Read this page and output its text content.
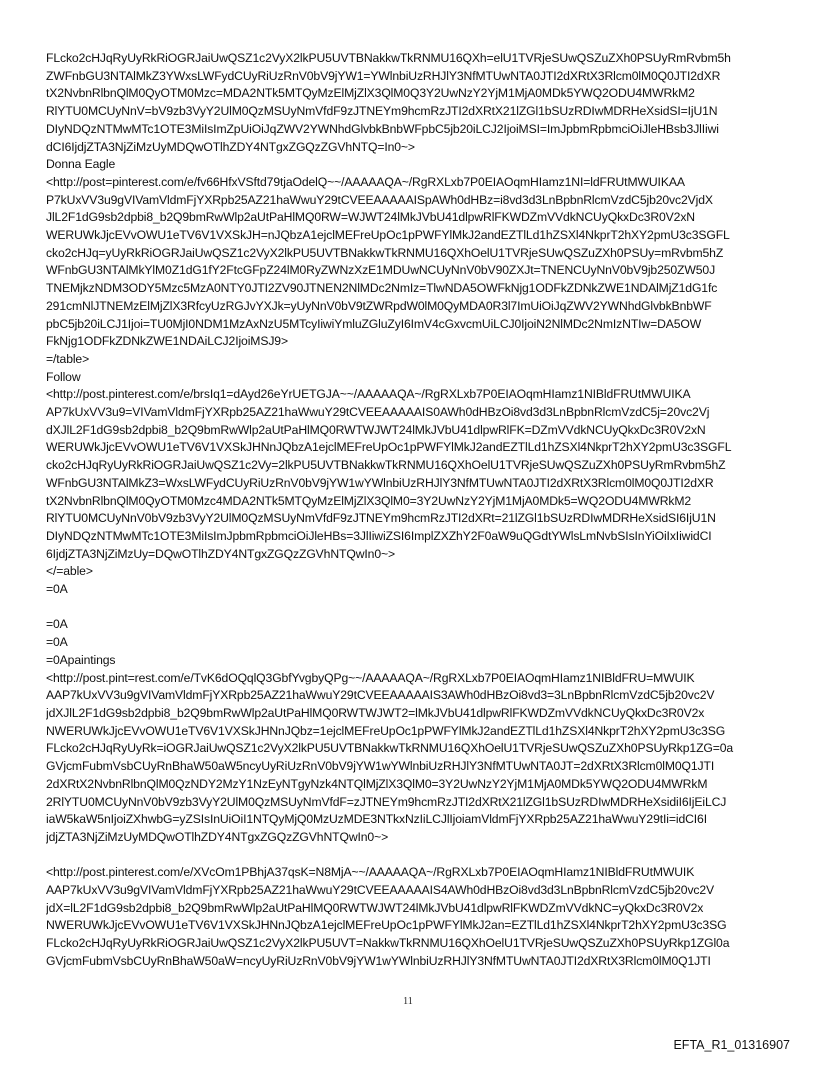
FLcko2cHJqRyUyRkRiOGRJaiUwQSZ1c2VyX2lkPU5UVTBNakkwTkRNMU16QXh=elU1TVRjeSUwQSZuZXh0PSUyRmRvbm5h
ZWFnbGU3NTAlMkZ3YWxsLWFydCUyRiUzRnV0bV9jYW1=YWlnbiUzRHJlY3NfMTUwNTA0JTI2dXRtX3Rlcm0lM0Q0JTI2dXR
tX2NvbnRlbnQlM0QyOTM0Mzc=MDA2NTk5MTQyMzElMjZlX3QlM0Q3Y2UwNzY2YjM1MjA0MDk5YWQ2ODU4MWRkM2
RlYTU0MCUyNnV=bV9zb3VyY2UlM0QzMSUyNmVfdF9zJTNEYm9hcmRzJTI2dXRtX21lZGl1bSUzRDIwMDRHeXsidSI=IjU1N
DIyNDQzNTMwMTc1OTE3MiIsImZpUiOiJqZWV2YWNhdGlvbkBnbWFpbC5jb20iLCJ2IjoiMSI=ImJpbmRpbmciOiJleHBsb3JlIiwi
dCI6IjdjZTA3NjZiMzUyMDQwOTlhZDY4NTgxZGQzZGVhNTQ=In0~>
Donna Eagle
<http://post=pinterest.com/e/fv66HfxVSftd79tjaOdelQ~~/AAAAAQA~/RgRXLxb7P0EIAOqmHIamz1NI=ldFRUtMWUIKAA
P7kUxVV3u9gVIVamVldmFjYXRpb25AZ21haWwuY29tCVEEAAAAAISpAWh0dHBz=i8vd3d3LnBpbnRlcmVzdC5jb20vc2VjdX
JlL2F1dG9sb2dpbi8_b2Q9bmRwWlp2aUtPaHlMQ0RW=WJWT24lMkJVbU41dlpwRlFKWDZmVVdkNCUyQkxDc3R0V2xN
WERUWkJjcEVvOWU1eTV6V1VXSkJH=nJQbzA1ejclMEFreUpOc1pPWFYlMkJ2andEZTlLd1hZSXl4NkprT2hXY2pmU3c3SGFL
cko2cHJq=yUyRkRiOGRJaiUwQSZ1c2VyX2lkPU5UVTBNakkwTkRNMU16QXhOelU1TVRjeSUwQSZuZXh0PSUy=mRvbm5hZ
WFnbGU3NTAlMkYlM0Z1dG1fY2FtcGFpZ24lM0RyZWNzXzE1MDUwNCUyNnV0bV90ZXJt=TNENCUyNnV0bV9jb250ZW50J
TNEMjkzNDM3ODY5Mzc5MzA0NTY0JTI2ZV90JTNEN2NlMDc2NmIz=TlwNDA5OWFkNjg1ODFkZDNkZWE1NDAlMjZ1dG1fc
291cmNlJTNEMzElMjZlX3RfcyUzRGJvYXJk=yUyNnV0bV9tZWRpdW0lM0QyMDA0R3l7ImUiOiJqZWV2YWNhdGlvbkBnbWF
pbC5jb20iLCJ1Ijoi=TU0MjI0NDM1MzAxNzU5MTcyIiwiYmluZGluZyI6ImV4cGxvcmUiLCJ0IjoiN2NlMDc2NmIzNTIw=DA5OW
FkNjg1ODFkZDNkZWE1NDAiLCJ2IjoiMSJ9>
=/table>
Follow
<http://post.pinterest.com/e/brsIq1=dAyd26eYrUETGJA~~/AAAAAQA~/RgRXLxb7P0EIAOqmHIamz1NIBldFRUtMWUIKA
AP7kUxVV3u9=VIVamVldmFjYXRpb25AZ21haWwuY29tCVEEAAAAAIS0AWh0dHBzOi8vd3d3LnBpbnRlcmVzdC5j=20vc2Vj
dXJlL2F1dG9sb2dpbi8_b2Q9bmRwWlp2aUtPaHlMQ0RWTWJWT24lMkJVbU41dlpwRlFK=DZmVVdkNCUyQkxDc3R0V2xN
WERUWkJjcEVvOWU1eTV6V1VXSkJHNnJQbzA1ejclMEFreUpOc1pPWFYlMkJ2andEZTlLd1hZSXl4NkprT2hXY2pmU3c3SGFL
cko2cHJqRyUyRkRiOGRJaiUwQSZ1c2Vy=2lkPU5UVTBNakkwTkRNMU16QXhOelU1TVRjeSUwQSZuZXh0PSUyRmRvbm5hZ
WFnbGU3NTAlMkZ3=WxsLWFydCUyRiUzRnV0bV9jYW1wYWlnbiUzRHJlY3NfMTUwNTA0JTI2dXRtX3Rlcm0lM0Q0JTI2dXR
tX2NvbnRlbnQlM0QyOTM0Mzc4MDA2NTk5MTQyMzElMjZlX3QlM0=3Y2UwNzY2YjM1MjA0MDk5=WQ2ODU4MWRkM2
RlYTU0MCUyNnV0bV9zb3VyY2UlM0QzMSUyNmVfdF9zJTNEYm9hcmRzJTI2dXRt=21lZGl1bSUzRDIwMDRHeXsidSI6IjU1N
DIyNDQzNTMwMTc1OTE3MiIsImJpbmRpbmciOiJleHBs=3JlIiwiZSI6ImplZXZhY2F0aW9uQGdtYWlsLmNvbSIsInYiOiIxIiwidCI
6IjdjZTA3NjZiMzUy=DQwOTlhZDY4NTgxZGQzZGVhNTQwIn0~>
</=able>
=0A
=0A
=0A
=0Apaintings
<http://post.pint=rest.com/e/TvK6dOQqlQ3GbfYvgbyQPg~~/AAAAAQA~/RgRXLxb7P0EIAOqmHIamz1NIBldFRU=MWUIK
AAP7kUxVV3u9gVIVamVldmFjYXRpb25AZ21haWwuY29tCVEEAAAAAIS3AWh0dHBzOi8vd3=3LnBpbnRlcmVzdC5jb20vc2V
jdXJlL2F1dG9sb2dpbi8_b2Q9bmRwWlp2aUtPaHlMQ0RWTWJWT2=lMkJVbU41dlpwRlFKWDZmVVdkNCUyQkxDc3R0V2x
NWERUWkJjcEVvOWU1eTV6V1VXSkJHNnJQbz=1ejclMEFreUpOc1pPWFYlMkJ2andEZTlLd1hZSXl4NkprT2hXY2pmU3c3SG
FLcko2cHJqRyUyRk=iOGRJaiUwQSZ1c2VyX2lkPU5UVTBNakkwTkRNMU16QXhOelU1TVRjeSUwQSZuZXh0PSUyRkp1ZG=0a
GVjcmFubmVsbCUyRnBhaW50aW5ncyUyRiUzRnV0bV9jYW1wYWlnbiUzRHJlY3NfMTUwNTA0JT=2dXRtX3Rlcm0lM0Q1JTI
2dXRtX2NvbnRlbnQlM0QzNDY2MzY1NzEyNTgyNzk4NTQlMjZlX3QlM0=3Y2UwNzY2YjM1MjA0MDk5YWQ2ODU4MWRkM
2RlYTU0MCUyNnV0bV9zb3VyY2UlM0QzMSUyNmVfdF=zJTNEYm9hcmRzJTI2dXRtX21lZGl1bSUzRDIwMDRHeXsidiI6IjEiLCJ
iaW5kaW5nIjoiZXhwbG=yZSIsInUiOiI1NTQyMjQ0MzUzMDE3NTkxNzIiLCJlIjoiamVldmFjYXRpb25AZ21haWwuY29tIi=idCI6I
jdjZTA3NjZiMzUyMDQwOTlhZDY4NTgxZGQzZGVhNTQwIn0~>
<http://post.pinterest.com/e/XVcOm1PBhjA37qsK=N8MjA~~/AAAAAQA~/RgRXLxb7P0EIAOqmHIamz1NIBldFRUtMWUIK
AAP7kUxVV3u9gVIVamVldmFjYXRpb25AZ21haWwuY29tCVEEAAAAAIS4AWh0dHBzOi8vd3d3LnBpbnRlcmVzdC5jb20vc2V
jdX=lL2F1dG9sb2dpbi8_b2Q9bmRwWlp2aUtPaHlMQ0RWTWJWT24lMkJVbU41dlpwRlFKWDZmVVdkNC=yQkxDc3R0V2x
NWERUWkJjcEVvOWU1eTV6V1VXSkJHNnJQbzA1ejclMEFreUpOc1pPWFYlMkJ2an=EZTlLd1hZSXl4NkprT2hXY2pmU3c3SG
FLcko2cHJqRyUyRkRiOGRJaiUwQSZ1c2VyX2lkPU5UVT=NakkwTkRNMU16QXhOelU1TVRjeSUwQSZuZXh0PSUyRkp1ZGl0a
GVjcmFubmVsbCUyRnBhaW50aW=ncyUyRiUzRnV0bV9jYW1wYWlnbiUzRHJlY3NfMTUwNTA0JTI2dXRtX3Rlcm0lM0Q1JTI
11
EFTA_R1_01316907
